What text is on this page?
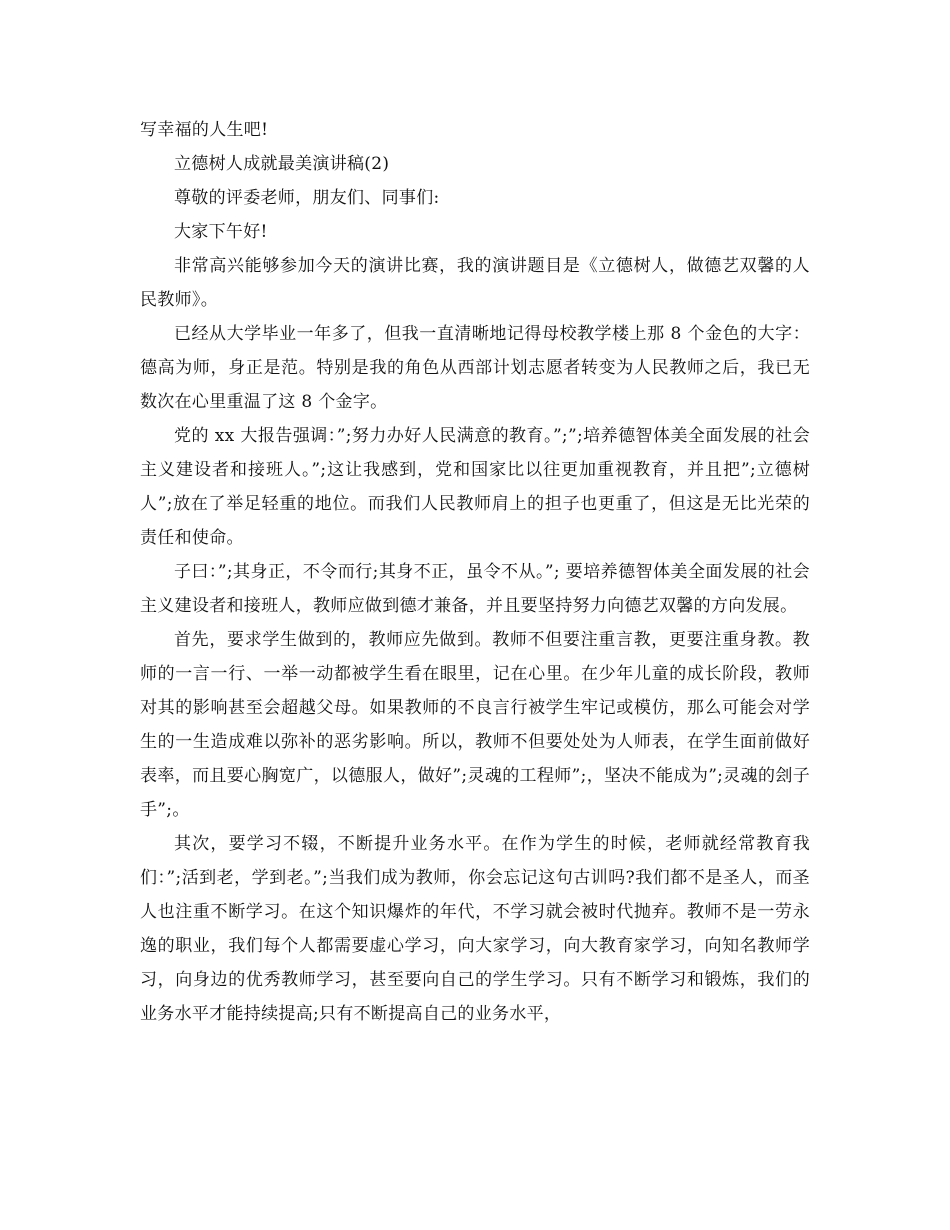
写幸福的人生吧!

立德树人成就最美演讲稿(2)

尊敬的评委老师，朋友们、同事们:

大家下午好!

非常高兴能够参加今天的演讲比赛，我的演讲题目是《立德树人，做德艺双馨的人民教师》。

已经从大学毕业一年多了，但我一直清晰地记得母校教学楼上那 8 个金色的大字：德高为师，身正是范。特别是我的角色从西部计划志愿者转变为人民教师之后，我已无数次在心里重温了这 8 个金字。

党的 xx 大报告强调：”;努力办好人民满意的教育。”;”;培养德智体美全面发展的社会主义建设者和接班人。”;这让我感到，党和国家比以往更加重视教育，并且把”;立德树人”;放在了举足轻重的地位。而我们人民教师肩上的担子也更重了，但这是无比光荣的责任和使命。

子曰：”;其身正，不令而行;其身不正，虽令不从。”; 要培养德智体美全面发展的社会主义建设者和接班人，教师应做到德才兼备，并且要坚持努力向德艺双馨的方向发展。

首先，要求学生做到的，教师应先做到。教师不但要注重言教，更要注重身教。教师的一言一行、一举一动都被学生看在眼里，记在心里。在少年儿童的成长阶段，教师对其的影响甚至会超越父母。如果教师的不良言行被学生牢记或模仿，那么可能会对学生的一生造成难以弥补的恶劣影响。所以，教师不但要处处为人师表，在学生面前做好表率，而且要心胸宽广，以德服人，做好”;灵魂的工程师”;，坚决不能成为”;灵魂的刽子手”;。

其次，要学习不辍，不断提升业务水平。在作为学生的时候，老师就经常教育我们：”;活到老，学到老。”;当我们成为教师，你会忘记这句古训吗?我们都不是圣人，而圣人也注重不断学习。在这个知识爆炸的年代，不学习就会被时代抛弃。教师不是一劳永逸的职业，我们每个人都需要虚心学习，向大家学习，向大教育家学习，向知名教师学习，向身边的优秀教师学习，甚至要向自己的学生学习。只有不断学习和锻炼，我们的业务水平才能持续提高;只有不断提高自己的业务水平，
